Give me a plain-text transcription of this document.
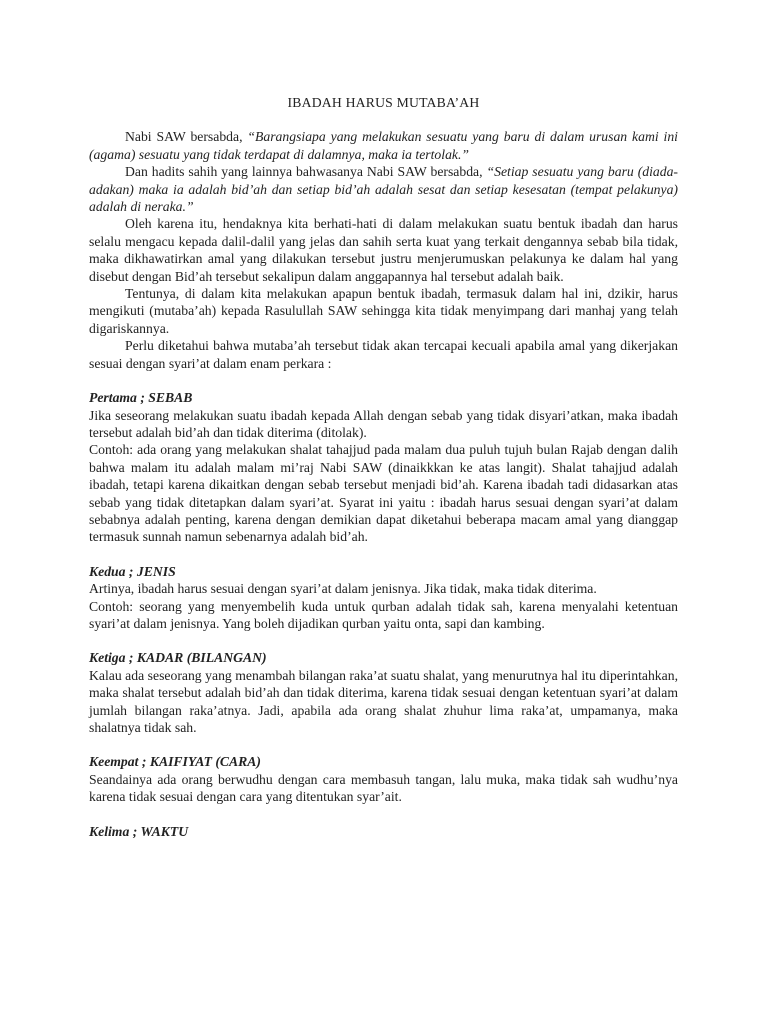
IBADAH HARUS MUTABA’AH

Nabi SAW bersabda, “Barangsiapa yang melakukan sesuatu yang baru di dalam urusan kami ini (agama) sesuatu yang tidak terdapat di dalamnya, maka ia tertolak.”

Dan hadits sahih yang lainnya bahwasanya Nabi SAW bersabda, “Setiap sesuatu yang baru (diada-adakan) maka ia adalah bid’ah dan setiap bid’ah adalah sesat dan setiap kesesatan (tempat pelakunya) adalah di neraka.”

Oleh karena itu, hendaknya kita berhati-hati di dalam melakukan suatu bentuk ibadah dan harus selalu mengacu kepada dalil-dalil yang jelas dan sahih serta kuat yang terkait dengannya sebab bila tidak, maka dikhawatirkan amal yang dilakukan tersebut justru menjerumuskan pelakunya ke dalam hal yang disebut dengan Bid’ah tersebut sekalipun dalam anggapannya hal tersebut adalah baik.

Tentunya, di dalam kita melakukan apapun bentuk ibadah, termasuk dalam hal ini, dzikir, harus mengikuti (mutaba’ah) kepada Rasulullah SAW sehingga kita tidak menyimpang dari manhaj yang telah digariskannya.

Perlu diketahui bahwa mutaba’ah tersebut tidak akan tercapai kecuali apabila amal yang dikerjakan sesuai dengan syari’at dalam enam perkara :

Pertama ; SEBAB

Jika seseorang melakukan suatu ibadah kepada Allah dengan sebab yang tidak disyari’atkan, maka ibadah tersebut adalah bid’ah dan tidak diterima (ditolak).

Contoh: ada orang yang melakukan shalat tahajjud pada malam dua puluh tujuh bulan Rajab dengan dalih bahwa malam itu adalah malam mi’raj Nabi SAW (dinaikkkan ke atas langit). Shalat tahajjud adalah ibadah, tetapi karena dikaitkan dengan sebab tersebut menjadi bid’ah. Karena ibadah tadi didasarkan atas sebab yang tidak ditetapkan dalam syari’at. Syarat ini yaitu : ibadah harus sesuai dengan syari’at dalam sebabnya adalah penting, karena dengan demikian dapat diketahui beberapa macam amal yang dianggap termasuk sunnah namun sebenarnya adalah bid’ah.

Kedua ; JENIS

Artinya, ibadah harus sesuai dengan syari’at dalam jenisnya. Jika tidak, maka tidak diterima.

Contoh: seorang yang menyembelih kuda untuk qurban adalah tidak sah, karena menyalahi ketentuan syari’at dalam jenisnya. Yang boleh dijadikan qurban yaitu onta, sapi dan kambing.

Ketiga ; KADAR (BILANGAN)

Kalau ada seseorang yang menambah bilangan raka’at suatu shalat, yang menurutnya hal itu diperintahkan, maka shalat tersebut adalah bid’ah dan tidak diterima, karena tidak sesuai dengan ketentuan syari’at dalam jumlah bilangan raka’atnya. Jadi, apabila ada orang shalat zhuhur lima raka’at, umpamanya, maka shalatnya tidak sah.

Keempat ; KAIFIYAT (CARA)

Seandainya ada orang berwudhu dengan cara membasuh tangan, lalu muka, maka tidak sah wudhu’nya karena tidak sesuai dengan cara yang ditentukan syar’ait.

Kelima ; WAKTU
